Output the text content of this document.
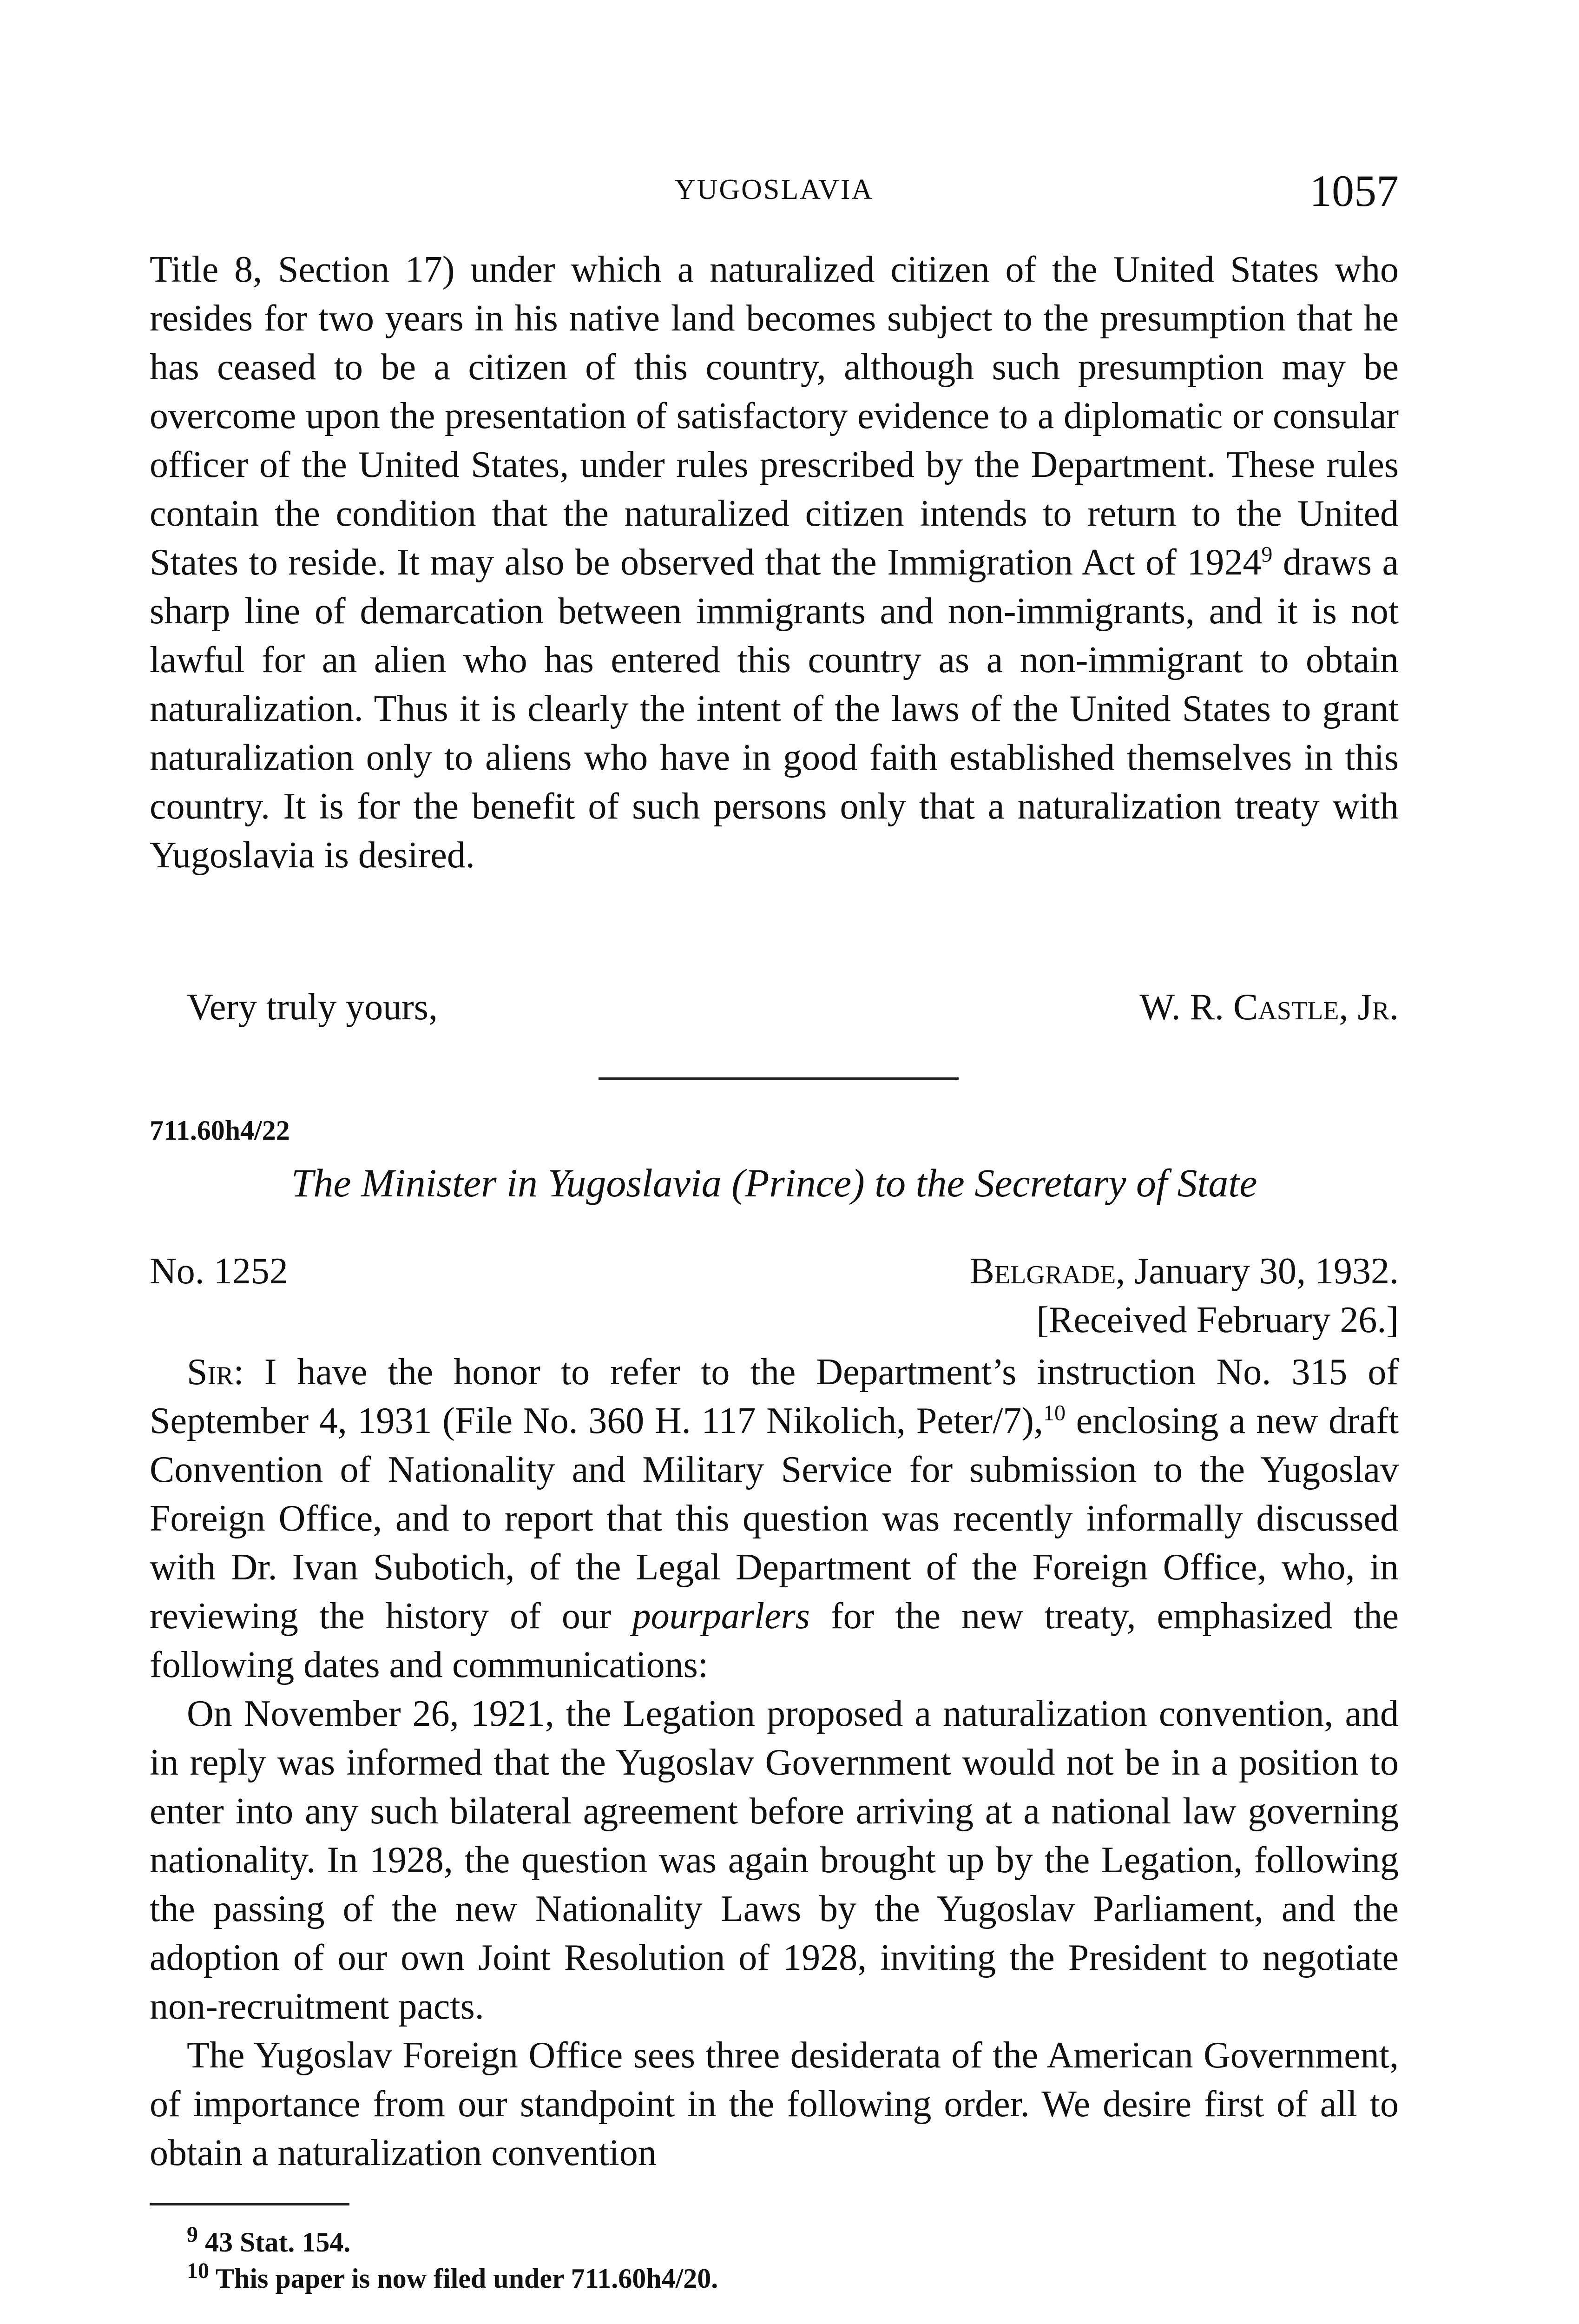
YUGOSLAVIA	1057
Title 8, Section 17) under which a naturalized citizen of the United States who resides for two years in his native land becomes subject to the presumption that he has ceased to be a citizen of this country, although such presumption may be overcome upon the presentation of satisfactory evidence to a diplomatic or consular officer of the United States, under rules prescribed by the Department. These rules contain the condition that the naturalized citizen intends to return to the United States to reside. It may also be observed that the Immigration Act of 1924$^9$ draws a sharp line of demarcation between immigrants and non-immigrants, and it is not lawful for an alien who has entered this country as a non-immigrant to obtain naturalization. Thus it is clearly the intent of the laws of the United States to grant naturalization only to aliens who have in good faith established themselves in this country. It is for the benefit of such persons only that a naturalization treaty with Yugoslavia is desired.
Very truly yours,	W. R. Castle, Jr.
711.60h4/22
The Minister in Yugoslavia (Prince) to the Secretary of State
No. 1252	Belgrade, January 30, 1932.
[Received February 26.]

Sir: I have the honor to refer to the Department’s instruction No. 315 of September 4, 1931 (File No. 360 H. 117 Nikolich, Peter/7),$^{10}$ enclosing a new draft Convention of Nationality and Military Service for submission to the Yugoslav Foreign Office, and to report that this question was recently informally discussed with Dr. Ivan Subotich, of the Legal Department of the Foreign Office, who, in reviewing the history of our pourparlers for the new treaty, emphasized the following dates and communications:

On November 26, 1921, the Legation proposed a naturalization convention, and in reply was informed that the Yugoslav Government would not be in a position to enter into any such bilateral agreement before arriving at a national law governing nationality. In 1928, the question was again brought up by the Legation, following the passing of the new Nationality Laws by the Yugoslav Parliament, and the adoption of our own Joint Resolution of 1928, inviting the President to negotiate non-recruitment pacts.

The Yugoslav Foreign Office sees three desiderata of the American Government, of importance from our standpoint in the following order. We desire first of all to obtain a naturalization convention

$^9$ 43 Stat. 154.
$^{10}$ This paper is now filed under 711.60h4/20.
